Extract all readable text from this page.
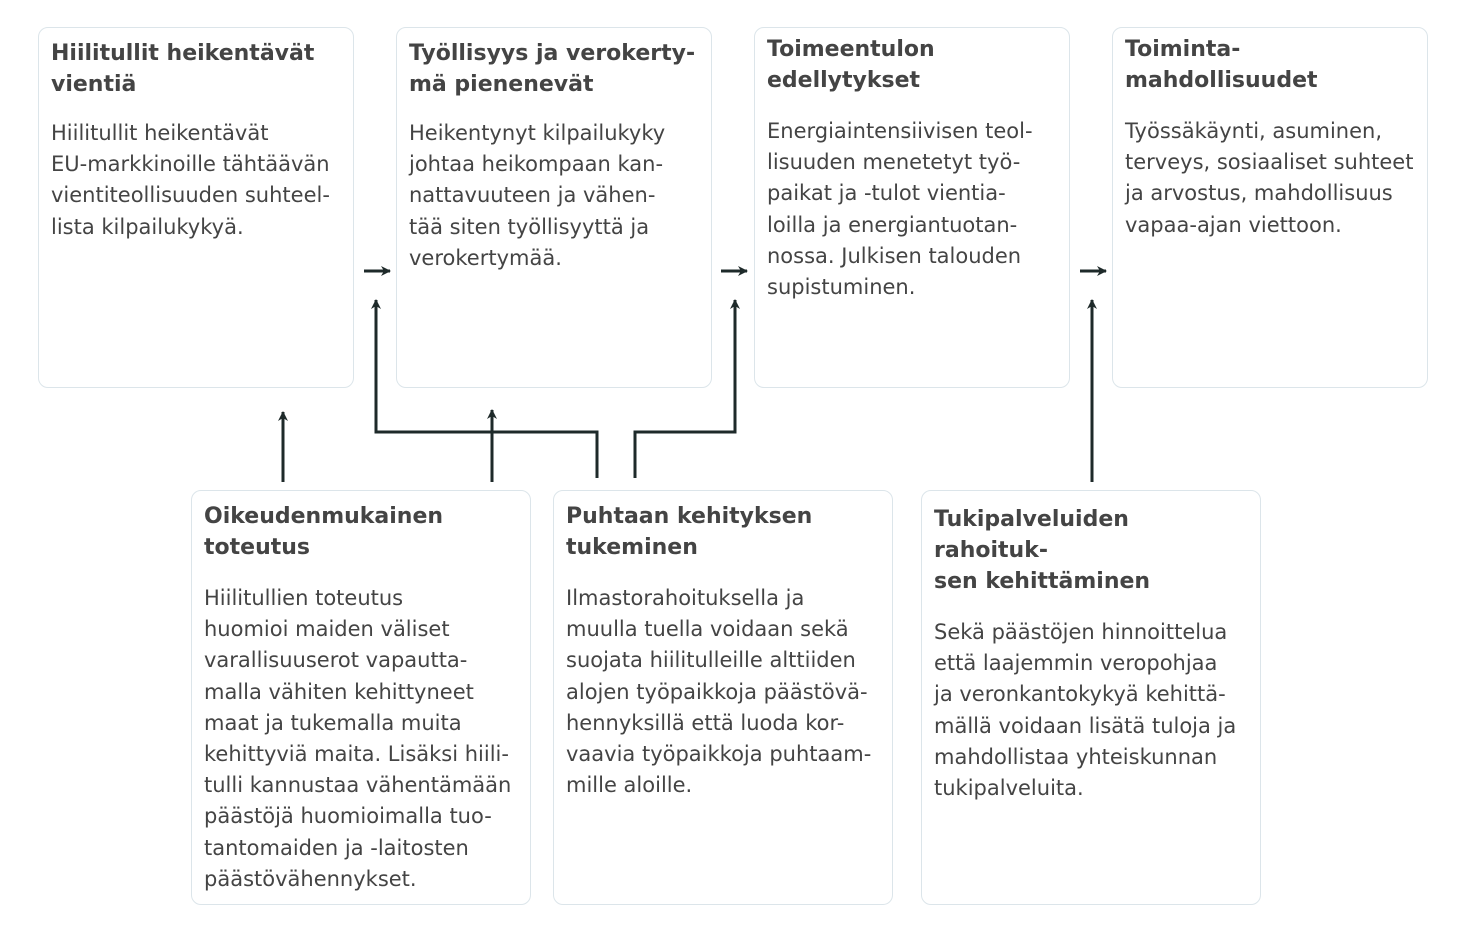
Hiilitullit heikentävät
vientiä

Hiilitullit heikentävät
EU-markkinoille tähtäävän
vientiteollisuuden suhteel-
lista kilpailukykyä.

Työllisyys ja verokerty-
mä pienenevät

Heikentynyt kilpailukyky
johtaa heikompaan kan-
nattavuuteen ja vähen-
tää siten työllisyyttä ja
verokertymää.

Toimeentulon
edellytykset

Energiaintensiivisen teol-
lisuuden menetetyt työ-
paikat ja -tulot vientia-
loilla ja energiantuotan-
nossa. Julkisen talouden
supistuminen.

Toiminta-
mahdollisuudet

Työssäkäynti, asuminen,
terveys, sosiaaliset suhteet
ja arvostus, mahdollisuus
vapaa-ajan viettoon.

Oikeudenmukainen
toteutus

Hiilitullien toteutus
huomioi maiden väliset
varallisuuserot vapautta-
malla vähiten kehittyneet
maat ja tukemalla muita
kehittyviä maita. Lisäksi hiili-
tulli kannustaa vähentämään
päästöjä huomioimalla tuo-
tantomaiden ja -laitosten
päästövähennykset.

Puhtaan kehityksen
tukeminen

Ilmastorahoituksella ja
muulla tuella voidaan sekä
suojata hiilitulleille alttiiden
alojen työpaikkoja päästövä-
hennyksillä että luoda kor-
vaavia työpaikkoja puhtaam-
mille aloille.

Tukipalveluiden rahoituk-
sen kehittäminen

Sekä päästöjen hinnoittelua
että laajemmin veropohjaa
ja veronkantokykyä kehittä-
mällä voidaan lisätä tuloja ja
mahdollistaa yhteiskunnan
tukipalveluita.
